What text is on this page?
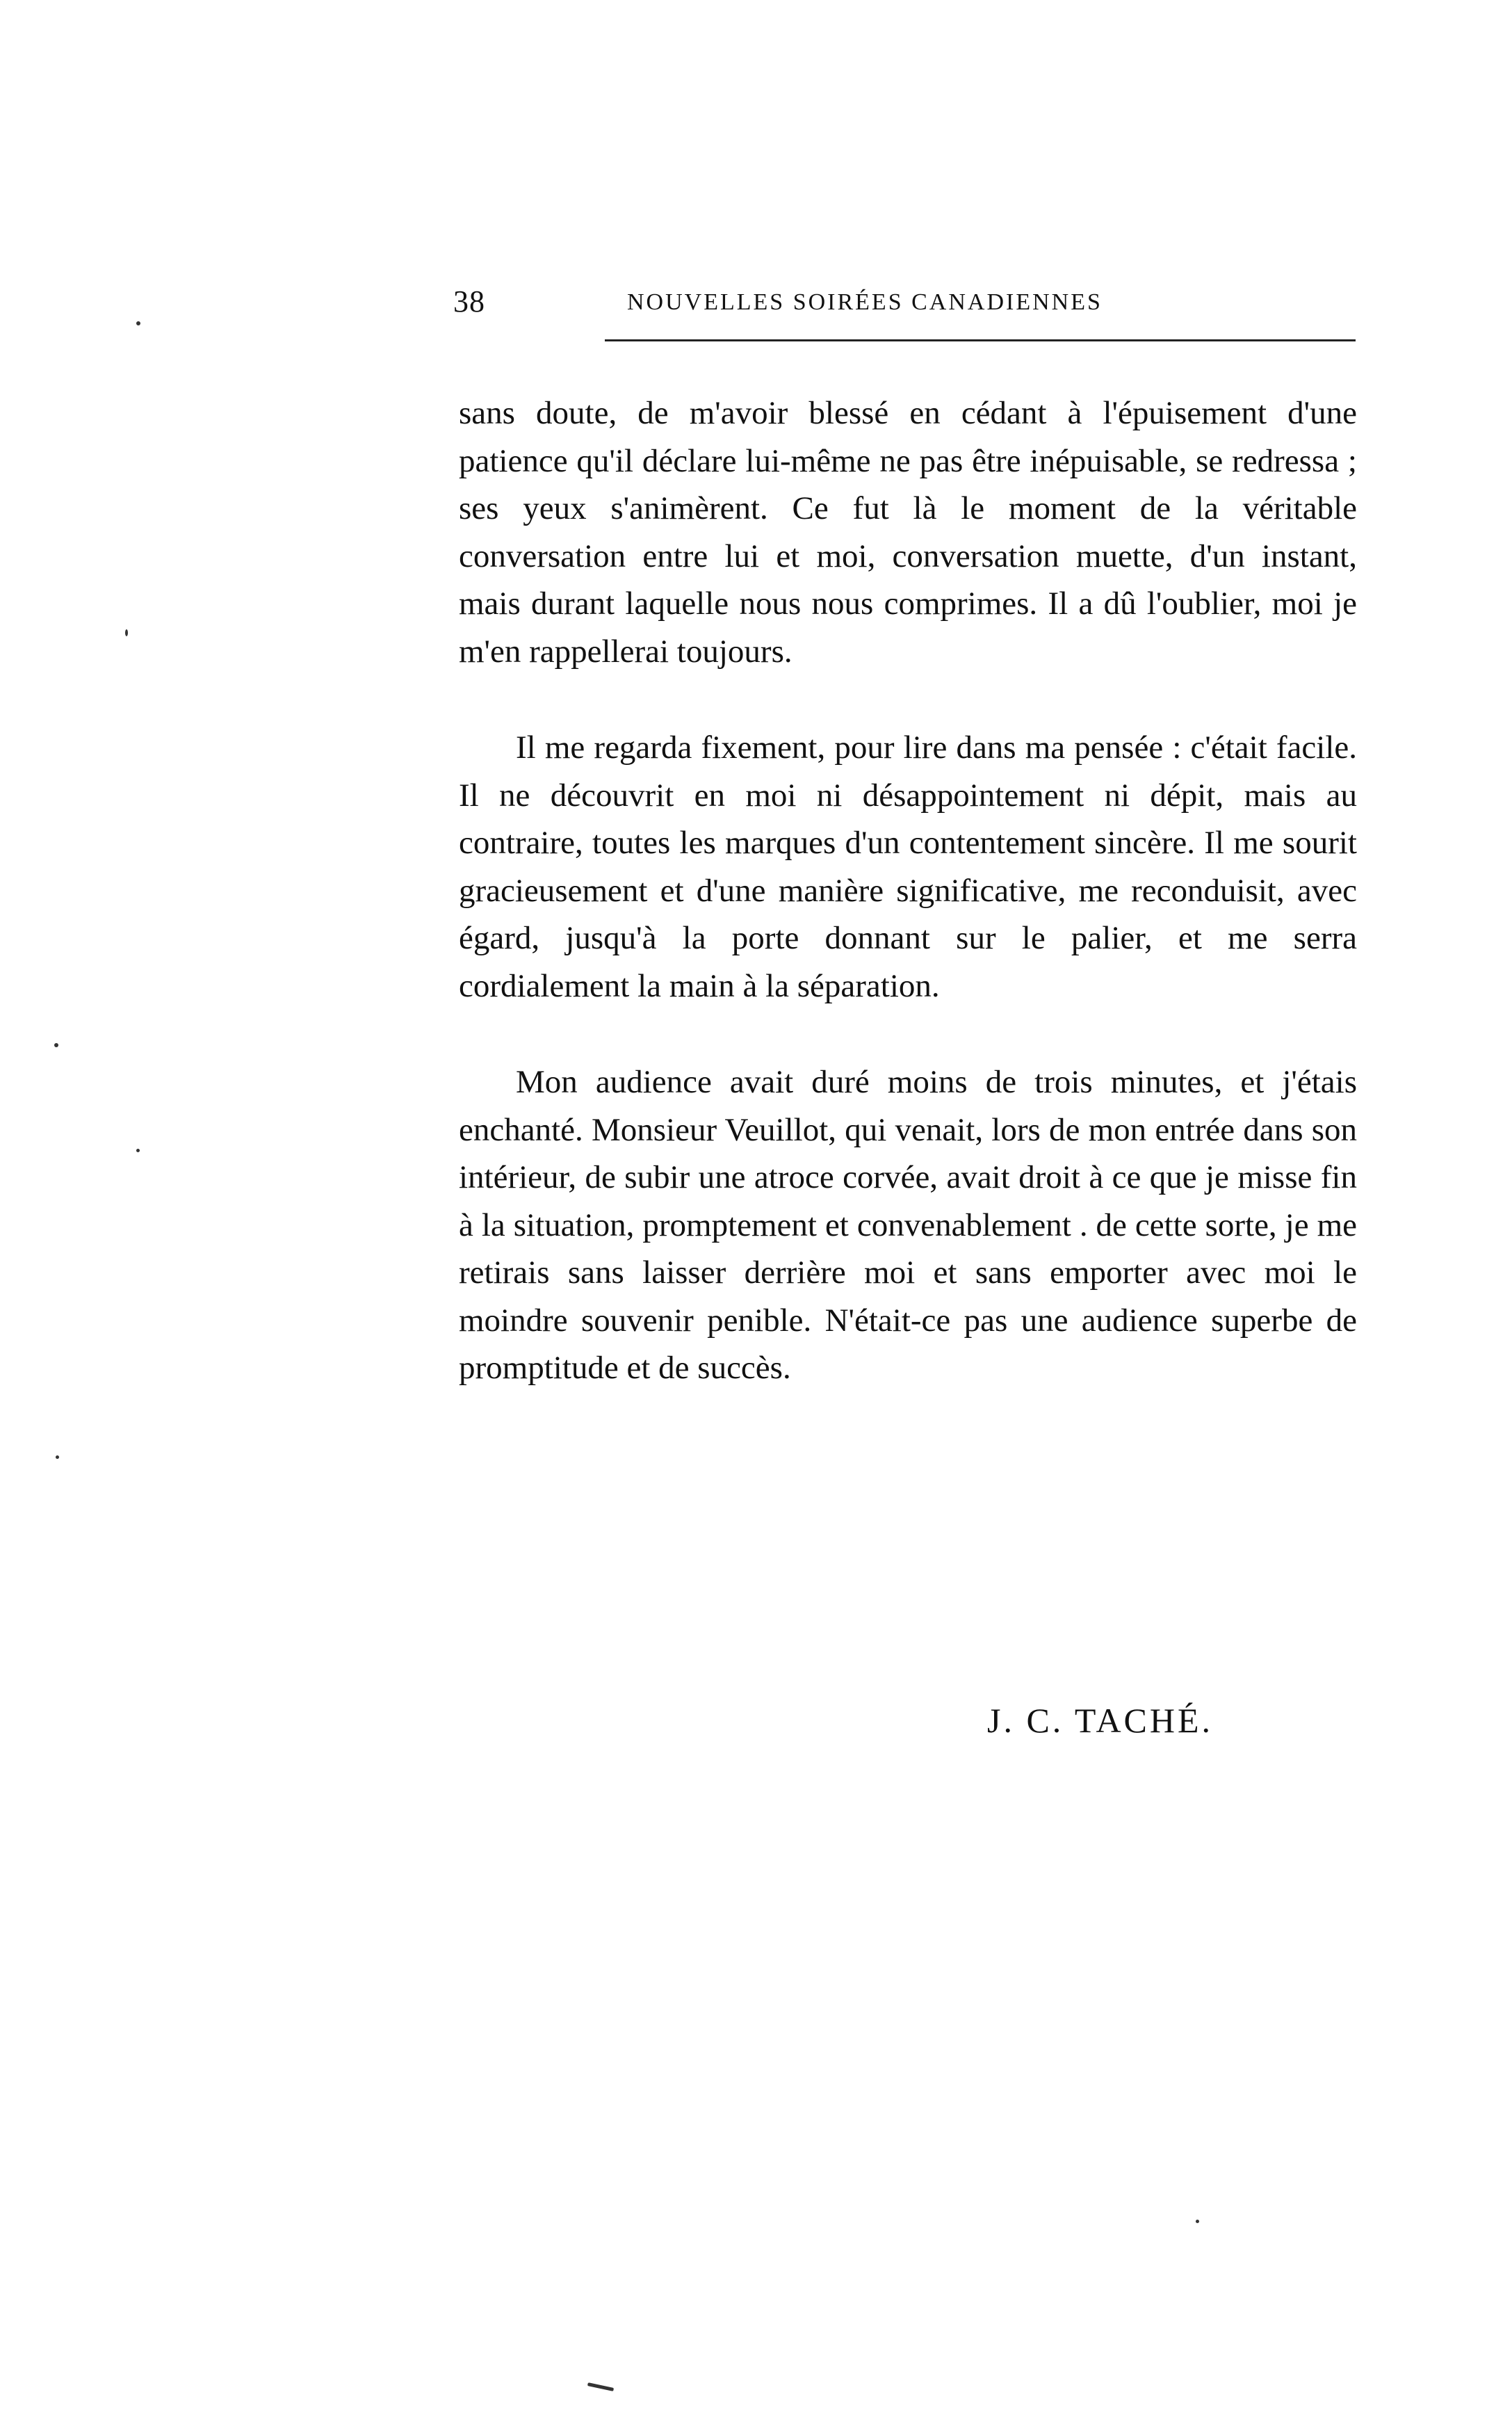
38	NOUVELLES SOIRÉES CANADIENNES

sans doute, de m'avoir blessé en cédant à l'épuisement d'une patience qu'il déclare lui-même ne pas être inépuisable, se redressa ; ses yeux s'animèrent. Ce fut là le moment de la véritable conversation entre lui et moi, conversation muette, d'un instant, mais durant laquelle nous nous comprimes. Il a dû l'oublier, moi je m'en rappellerai toujours.

Il me regarda fixement, pour lire dans ma pensée : c'était facile. Il ne découvrit en moi ni désappointement ni dépit, mais au contraire, toutes les marques d'un contentement sincère. Il me sourit gracieusement et d'une manière significative, me reconduisit, avec égard, jusqu'à la porte donnant sur le palier, et me serra cordialement la main à la séparation.

Mon audience avait duré moins de trois minutes, et j'étais enchanté. Monsieur Veuillot, qui venait, lors de mon entrée dans son intérieur, de subir une atroce corvée, avait droit à ce que je misse fin à la situation, promptement et convenablement . de cette sorte, je me retirais sans laisser derrière moi et sans emporter avec moi le moindre souvenir penible. N'était-ce pas une audience superbe de promptitude et de succès.

J. C. TACHÉ.
